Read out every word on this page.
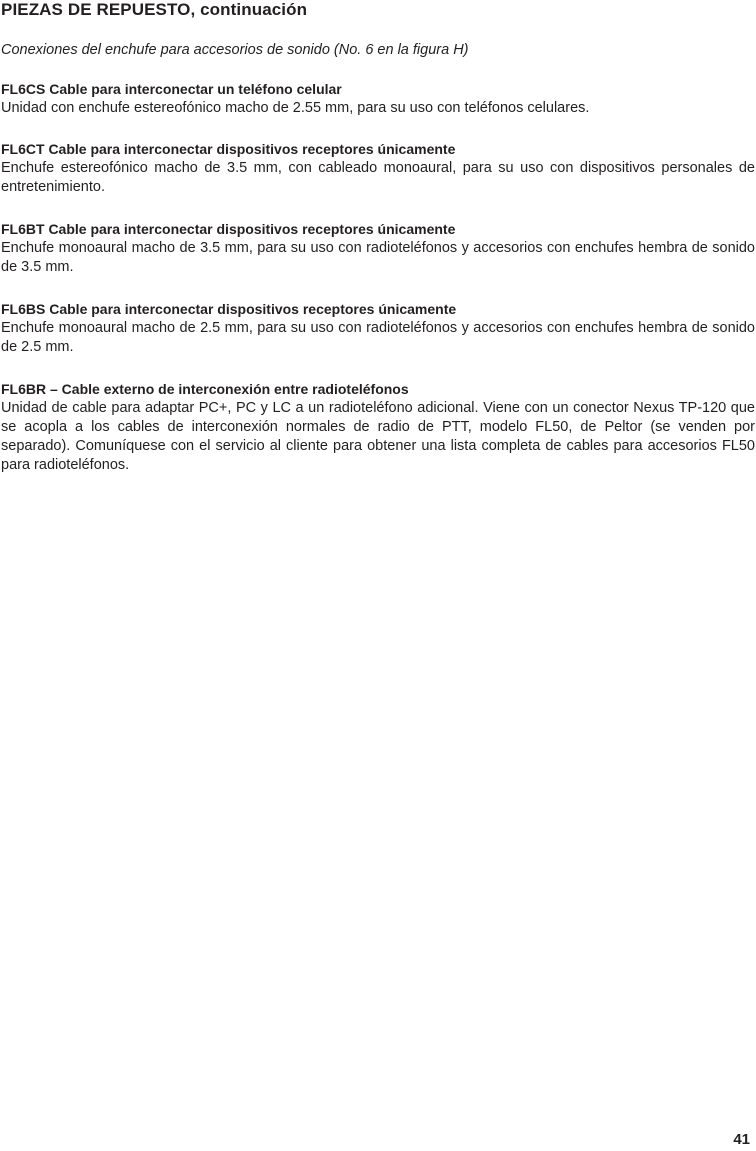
PIEZAS DE REPUESTO, continuación
Conexiones del enchufe para accesorios de sonido (No. 6 en la figura H)
FL6CS Cable para interconectar un teléfono celular
Unidad con enchufe estereofónico macho de 2.55 mm, para su uso con teléfonos celulares.
FL6CT Cable para interconectar dispositivos receptores únicamente
Enchufe estereofónico macho de 3.5 mm, con cableado monoaural, para su uso con dispositivos personales de entretenimiento.
FL6BT Cable para interconectar dispositivos receptores únicamente
Enchufe monoaural macho de 3.5 mm, para su uso con radioteléfonos y accesorios con enchufes hembra de sonido de 3.5 mm.
FL6BS Cable para interconectar dispositivos receptores únicamente
Enchufe monoaural macho de 2.5 mm, para su uso con radioteléfonos y accesorios con enchufes hembra de sonido de 2.5 mm.
FL6BR – Cable externo de interconexión entre radioteléfonos
Unidad de cable para adaptar PC+, PC y LC a un radioteléfono adicional. Viene con un conector Nexus TP-120 que se acopla a los cables de interconexión normales de radio de PTT, modelo FL50, de Peltor (se venden por separado). Comuníquese con el servicio al cliente para obtener una lista completa de cables para accesorios FL50 para radioteléfonos.
41
